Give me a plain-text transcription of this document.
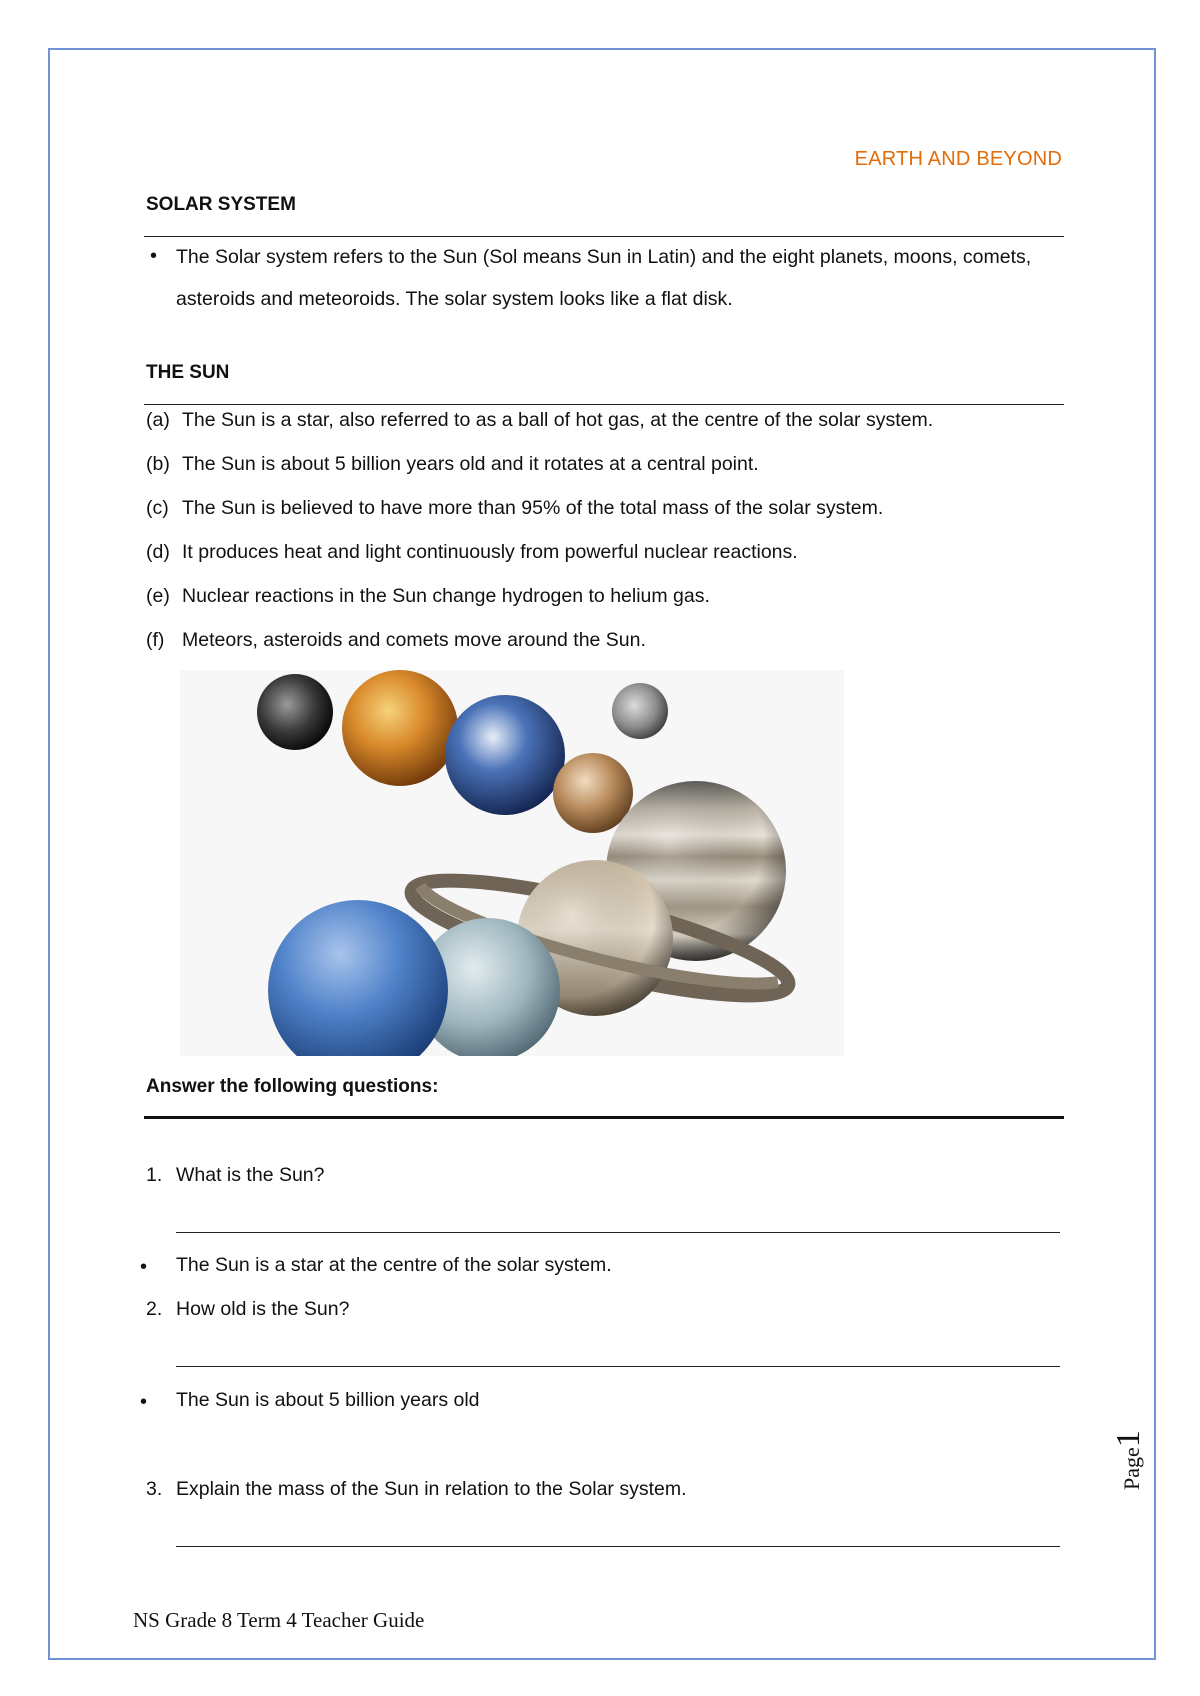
EARTH AND BEYOND
SOLAR SYSTEM
• The Solar system refers to the Sun (Sol means Sun in Latin) and the eight planets, moons, comets, asteroids and meteoroids. The solar system looks like a flat disk.
THE SUN
(a) The Sun is a star, also referred to as a ball of hot gas, at the centre of the solar system.
(b) The Sun is about 5 billion years old and it rotates at a central point.
(c) The Sun is believed to have more than 95% of the total mass of the solar system.
(d) It produces heat and light continuously from powerful nuclear reactions.
(e) Nuclear reactions in the Sun change hydrogen to helium gas.
(f) Meteors, asteroids and comets move around the Sun.
Answer the following questions:
1. What is the Sun?
• The Sun is a star at the centre of the solar system.
2. How old is the Sun?
• The Sun is about 5 billion years old
3. Explain the mass of the Sun in relation to the Solar system.
NS Grade 8 Term 4 Teacher Guide
Page1
